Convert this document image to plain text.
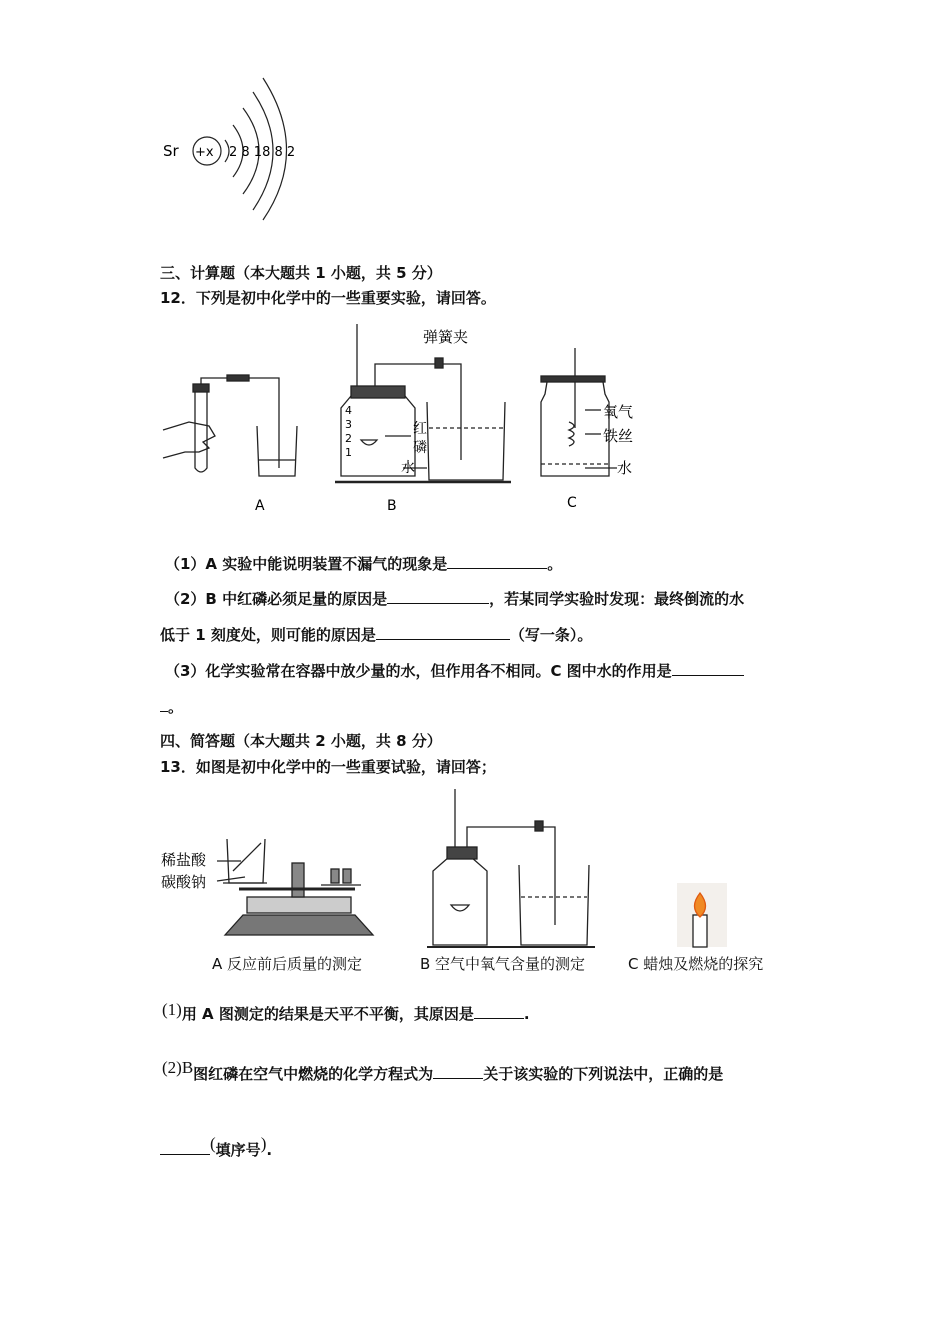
Sr +x 2 8 18 8 2
三、计算题（本大题共 1 小题，共 5 分）
12．下列是初中化学中的一些重要实验，请回答。
A
弹簧夹
红
磷
水
4
3
2
1
B
氧气
铁丝
水
C
（1）A 实验中能说明装置不漏气的现象是	。
（2）B 中红磷必须足量的原因是	，若某同学实验时发现：最终倒流的水
低于 1 刻度处，则可能的原因是	（写一条）。
（3）化学实验常在容器中放少量的水，但作用各不相同。C 图中水的作用是
。
四、简答题（本大题共 2 小题，共 8 分）
13．如图是初中化学中的一些重要试验，请回答；
稀盐酸
碳酸钠
A 反应前后质量的测定	B 空气中氧气含量的测定	C 蜡烛及燃烧的探究
(1)用 A 图测定的结果是天平不平衡，其原因是	.
(2)B图红磷在空气中燃烧的化学方程式为	关于该实验的下列说法中，正确的是
(填序号).
